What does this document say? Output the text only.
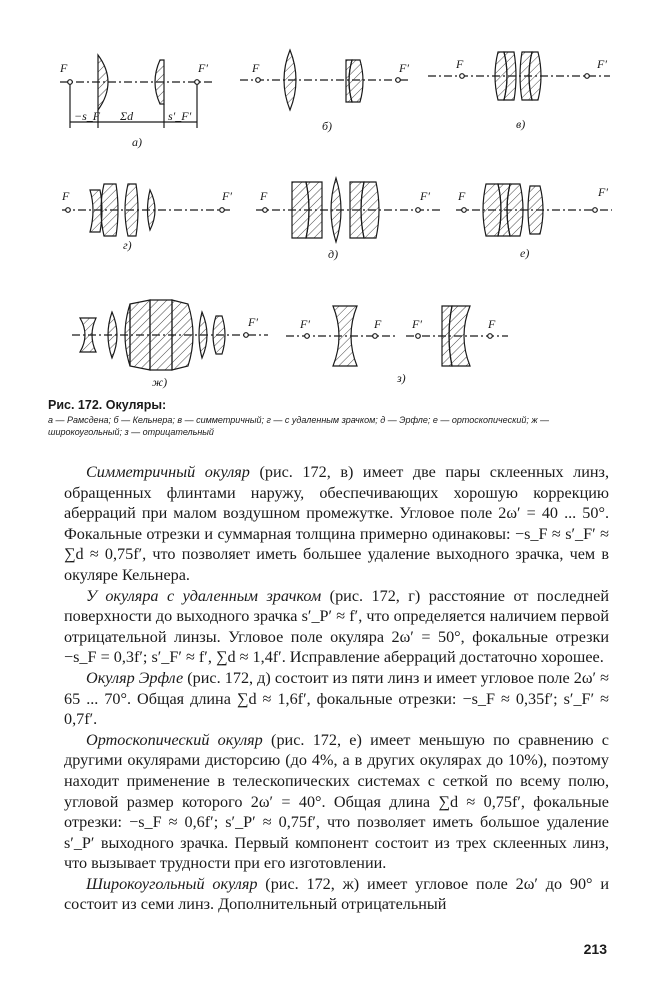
F	F′	F	F′	F	F′
F	F′ F	F′ F	F′
F′	F′	F	F′	F
−s_F Σd	s′_F′
а)
б)	в)
г)
д)	е)
ж)	з)

Рис. 172. Окуляры:

а — Рамсдена; б — Кельнера; в — симметричный; г — с удаленным зрачком; д — Эрфле; е — ортоскопический; ж — широкоугольный; з — отрицательный

Симметричный окуляр (рис. 172, в) имеет две пары склеенных линз, обращенных флинтами наружу, обеспечивающих хорошую коррекцию аберраций при малом воздушном промежутке. Угловое поле 2ω′ = 40 ... 50°. Фокальные отрезки и суммарная толщина примерно одинаковы: −s_F ≈ s′_F′ ≈ ∑d ≈ 0,75f′, что позволяет иметь большее удаление выходного зрачка, чем в окуляре Кельнера.

У окуляра с удаленным зрачком (рис. 172, г) расстояние от последней поверхности до выходного зрачка s′_P′ ≈ f′, что определяется наличием первой отрицательной линзы. Угловое поле окуляра 2ω′ = 50°, фокальные отрезки −s_F = 0,3f′; s′_F′ ≈ f′, ∑d ≈ 1,4f′. Исправление аберраций достаточно хорошее.

Окуляр Эрфле (рис. 172, д) состоит из пяти линз и имеет угловое поле 2ω′ ≈ 65 ... 70°. Общая длина ∑d ≈ 1,6f′, фокальные отрезки: −s_F ≈ 0,35f′; s′_F′ ≈ 0,7f′.

Ортоскопический окуляр (рис. 172, е) имеет меньшую по сравнению с другими окулярами дисторсию (до 4%, а в других окулярах до 10%), поэтому находит применение в телескопических системах с сеткой по всему полю, угловой размер которого 2ω′ = 40°. Общая длина ∑d ≈ 0,75f′, фокальные отрезки: −s_F ≈ 0,6f′; s′_P′ ≈ 0,75f′, что позволяет иметь большое удаление s′_P′ выходного зрачка. Первый компонент состоит из трех склеенных линз, что вызывает трудности при его изготовлении.

Широкоугольный окуляр (рис. 172, ж) имеет угловое поле 2ω′ до 90° и состоит из семи линз. Дополнительный отрицательный

213
